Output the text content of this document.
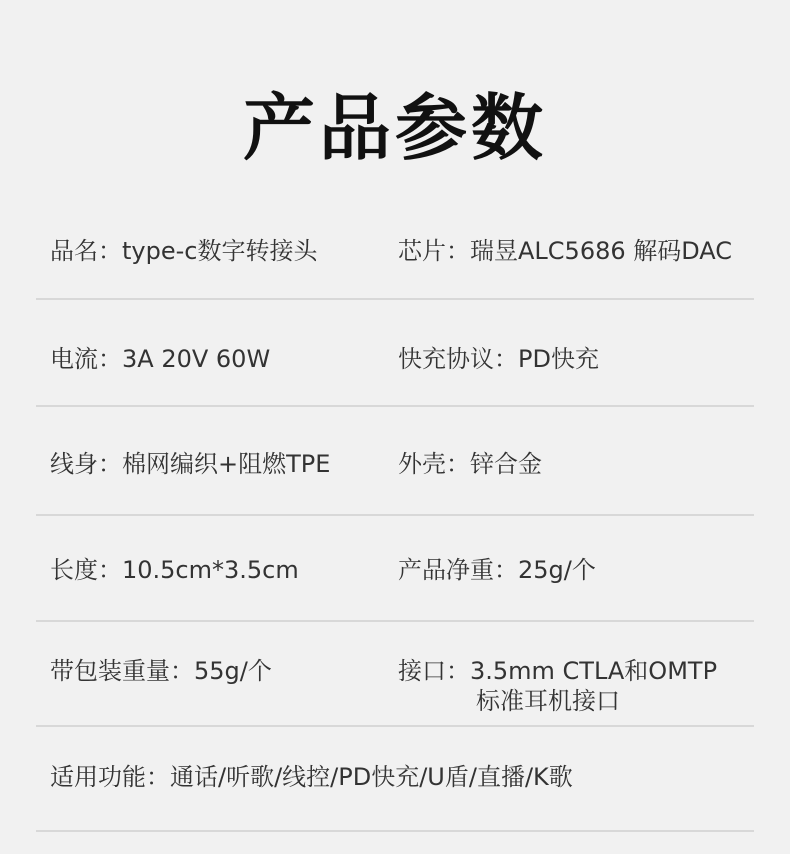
产品参数
品名：type-c数字转接头	芯片：瑞昱ALC5686 解码DAC
电流：3A 20V 60W	快充协议：PD快充
线身：棉网编织+阻燃TPE	外壳：锌合金
长度：10.5cm*3.5cm	产品净重：25g/个
带包装重量：55g/个	接口：3.5mm CTLA和OMTP
标准耳机接口
适用功能：通话/听歌/线控/PD快充/U盾/直播/K歌
